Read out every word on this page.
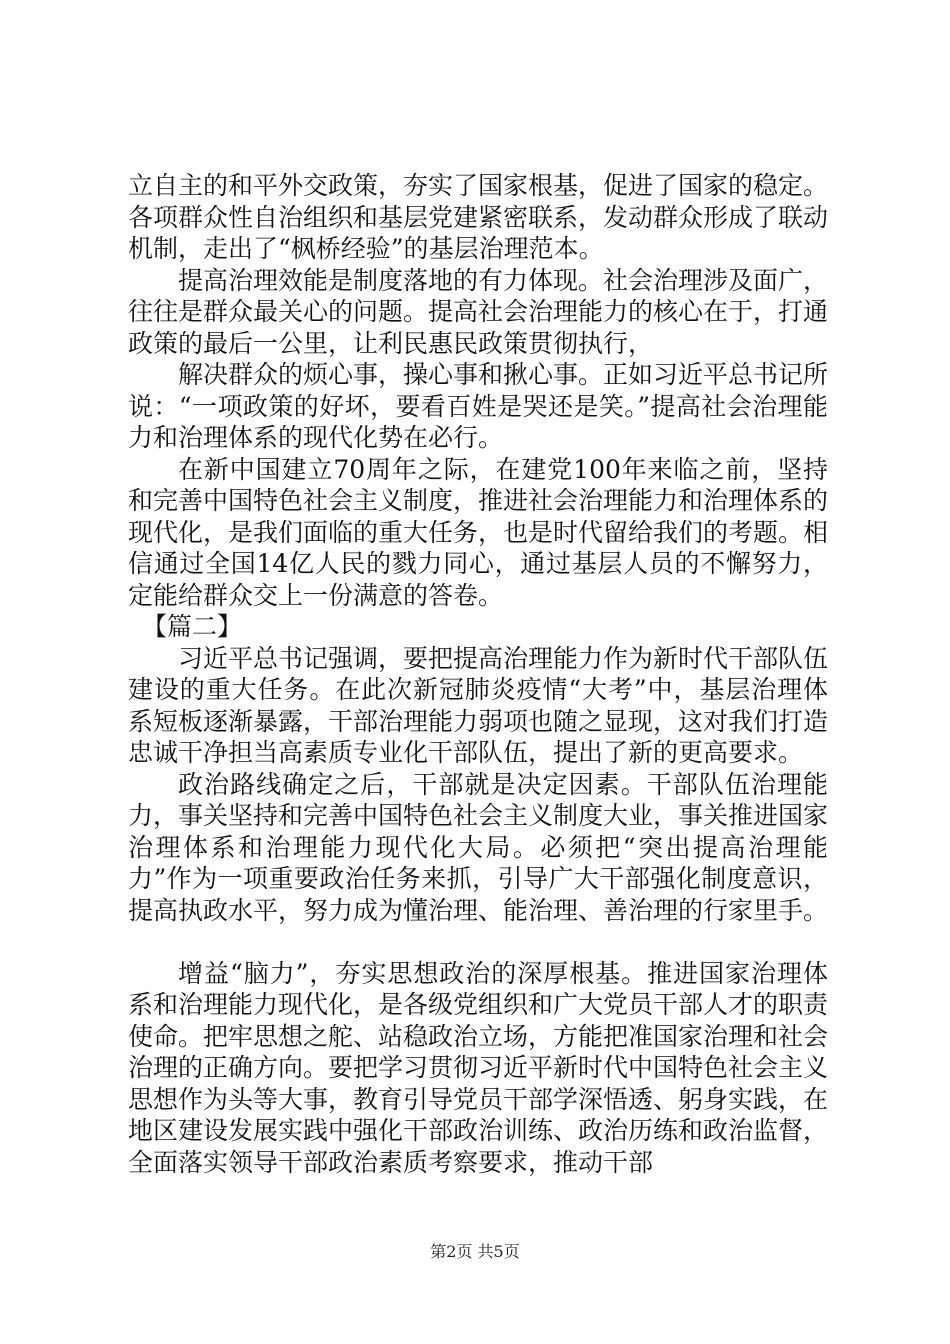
立自主的和平外交政策，夯实了国家根基，促进了国家的稳定。各项群众性自治组织和基层党建紧密联系，发动群众形成了联动机制，走出了“枫桥经验”的基层治理范本。

提高治理效能是制度落地的有力体现。社会治理涉及面广，往往是群众最关心的问题。提高社会治理能力的核心在于，打通政策的最后一公里，让利民惠民政策贯彻执行，

解决群众的烦心事，操心事和揪心事。正如习近平总书记所说：“一项政策的好坏，要看百姓是哭还是笑。”提高社会治理能力和治理体系的现代化势在必行。

在新中国建立70周年之际，在建党100年来临之前，坚持和完善中国特色社会主义制度，推进社会治理能力和治理体系的现代化，是我们面临的重大任务，也是时代留给我们的考题。相信通过全国14亿人民的戮力同心，通过基层人员的不懈努力，定能给群众交上一份满意的答卷。

【篇二】

习近平总书记强调，要把提高治理能力作为新时代干部队伍建设的重大任务。在此次新冠肺炎疫情“大考”中，基层治理体系短板逐渐暴露，干部治理能力弱项也随之显现，这对我们打造忠诚干净担当高素质专业化干部队伍，提出了新的更高要求。

政治路线确定之后，干部就是决定因素。干部队伍治理能力，事关坚持和完善中国特色社会主义制度大业，事关推进国家治理体系和治理能力现代化大局。必须把“突出提高治理能力”作为一项重要政治任务来抓，引导广大干部强化制度意识，提高执政水平，努力成为懂治理、能治理、善治理的行家里手。

增益“脑力”，夯实思想政治的深厚根基。推进国家治理体系和治理能力现代化，是各级党组织和广大党员干部人才的职责使命。把牢思想之舵、站稳政治立场，方能把准国家治理和社会治理的正确方向。要把学习贯彻习近平新时代中国特色社会主义思想作为头等大事，教育引导党员干部学深悟透、躬身实践，在地区建设发展实践中强化干部政治训练、政治历练和政治监督，全面落实领导干部政治素质考察要求，推动干部

第2页 共5页
